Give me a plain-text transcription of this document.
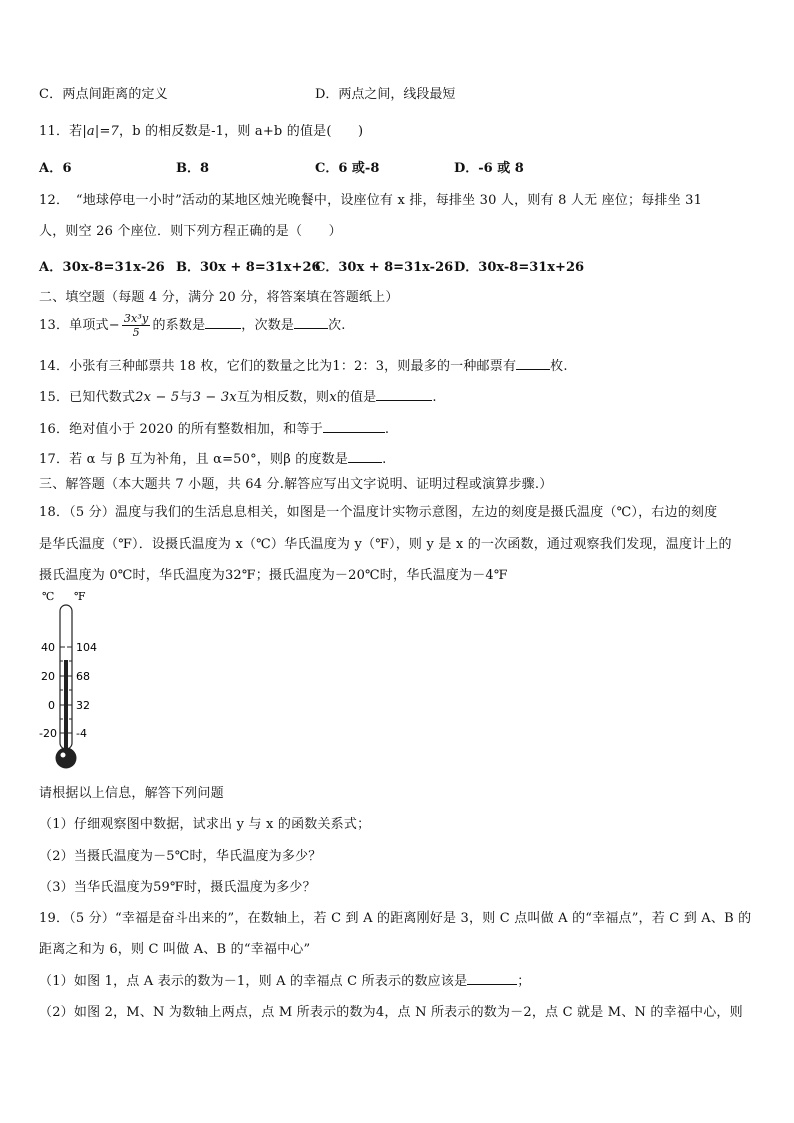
C．两点间距离的定义	D．两点之间，线段最短
11．若|a|=7，b 的相反数是-1，则 a+b 的值是(　　)
A．6	B．8	C．6 或-8	D．-6 或 8
12．　“地球停电一小时”活动的某地区烛光晚餐中，设座位有 x 排，每排坐 30 人，则有 8 人无 座位；每排坐 31
人，则空 26 个座位．则下列方程正确的是（　　）
A．30x-8=31x-26 B．30x + 8=31x+26
C．30x + 8=31x-26 D．30x-8=31x+26
二、填空题（每题 4 分，满分 20 分，将答案填在答题纸上）
13．单项式− $\frac{\text{3x³y}}{5}$ 的系数是	，次数是	次.
14．小张有三种邮票共 18 枚，它们的数量之比为1：2：3，则最多的一种邮票有	枚.
15．已知代数式2x − 5与3 − 3x互为相反数，则x的值是	.
16．绝对值小于 2020 的所有整数相加，和等于	.
17．若 α 与 β 互为补角，且 α=50°，则β 的度数是	.
三、解答题（本大题共 7 小题，共 64 分.解答应写出文字说明、证明过程或演算步骤.）
18．（5 分）温度与我们的生活息息相关，如图是一个温度计实物示意图，左边的刻度是摄氏温度（℃），右边的刻度
是华氏温度（℉）．设摄氏温度为 x（℃）华氏温度为 y（℉），则 y 是 x 的一次函数，通过观察我们发现，温度计上的
摄氏温度为 0℃时，华氏温度为32℉；摄氏温度为－20℃时，华氏温度为－4℉
℃ ℉
40
20
0
-20
104
68
32
-4
请根据以上信息，解答下列问题
（1）仔细观察图中数据，试求出 y 与 x 的函数关系式；
（2）当摄氏温度为－5℃时，华氏温度为多少？
（3）当华氏温度为59℉时，摄氏温度为多少？
19．（5 分）“幸福是奋斗出来的”，在数轴上，若 C 到 A 的距离刚好是 3，则 C 点叫做 A 的“幸福点”，若 C 到 A、B 的
距离之和为 6，则 C 叫做 A、B 的“幸福中心”
（1）如图 1，点 A 表示的数为－1，则 A 的幸福点 C 所表示的数应该是	；
（2）如图 2，M、N 为数轴上两点，点 M 所表示的数为4，点 N 所表示的数为－2，点 C 就是 M、N 的幸福中心，则
